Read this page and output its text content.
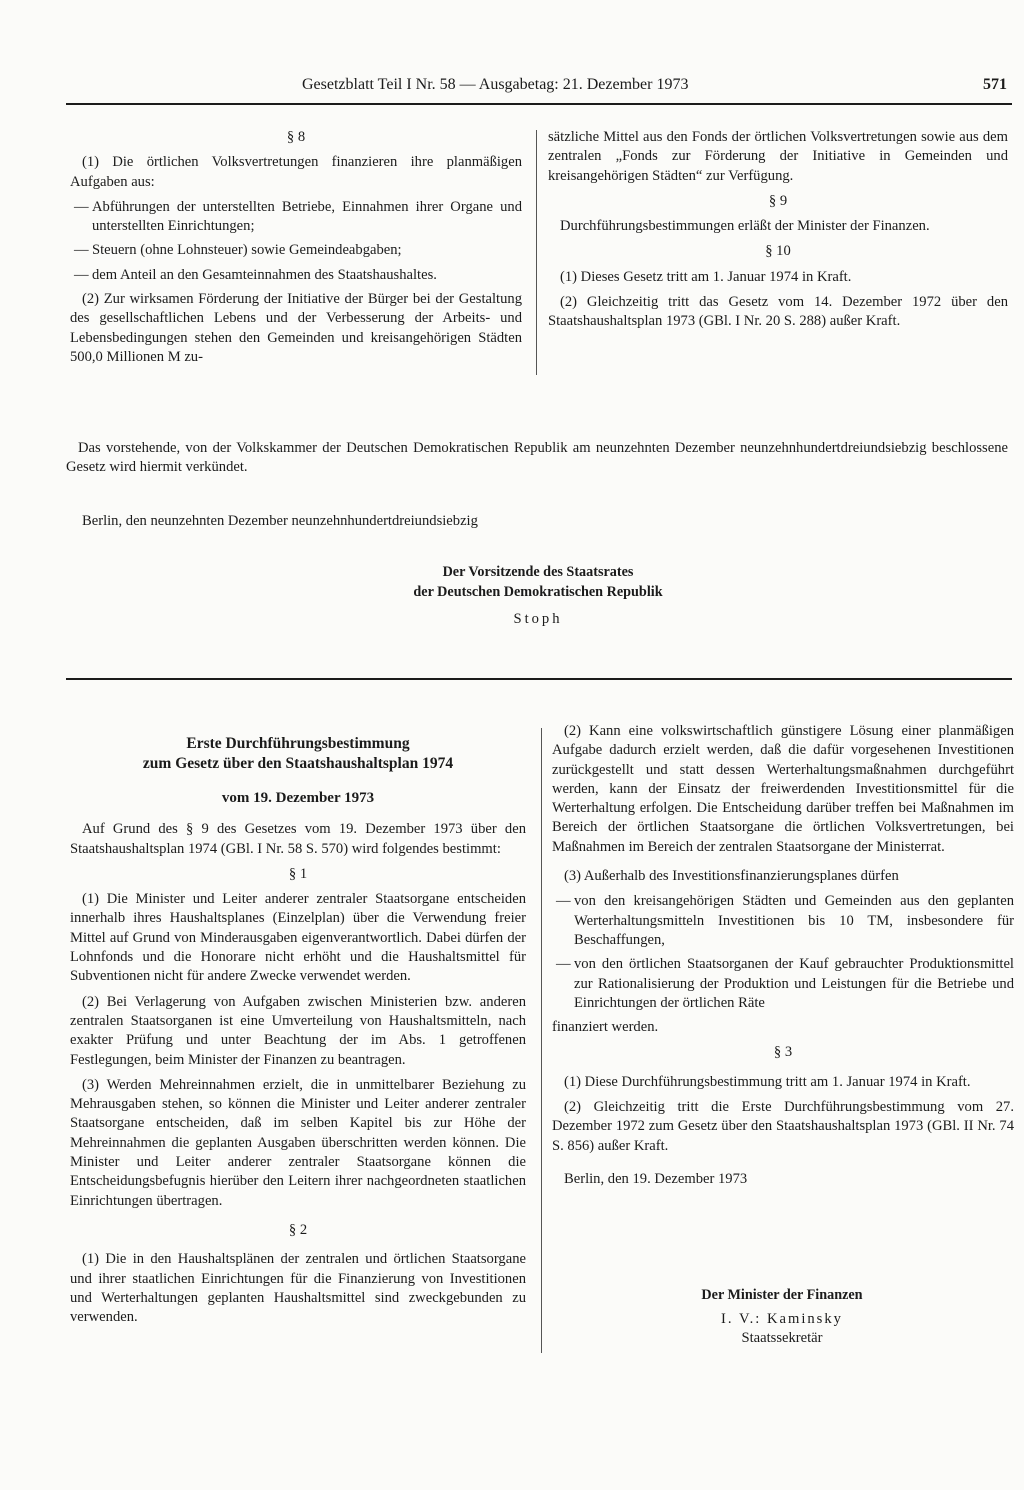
Gesetzblatt Teil I Nr. 58 — Ausgabetag: 21. Dezember 1973	571

§ 8

(1) Die örtlichen Volksvertretungen finanzieren ihre planmäßigen Aufgaben aus:

— Abführungen der unterstellten Betriebe, Einnahmen ihrer Organe und unterstellten Einrichtungen;
— Steuern (ohne Lohnsteuer) sowie Gemeindeabgaben;
— dem Anteil an den Gesamteinnahmen des Staatshaushaltes.

(2) Zur wirksamen Förderung der Initiative der Bürger bei der Gestaltung des gesellschaftlichen Lebens und der Verbesserung der Arbeits- und Lebensbedingungen stehen den Gemeinden und kreisangehörigen Städten 500,0 Millionen M zu-

sätzliche Mittel aus den Fonds der örtlichen Volksvertretungen sowie aus dem zentralen „Fonds zur Förderung der Initiative in Gemeinden und kreisangehörigen Städten“ zur Verfügung.

§ 9

Durchführungsbestimmungen erläßt der Minister der Finanzen.

§ 10

(1) Dieses Gesetz tritt am 1. Januar 1974 in Kraft.

(2) Gleichzeitig tritt das Gesetz vom 14. Dezember 1972 über den Staatshaushaltsplan 1973 (GBl. I Nr. 20 S. 288) außer Kraft.

Das vorstehende, von der Volkskammer der Deutschen Demokratischen Republik am neunzehnten Dezember neunzehnhundertdreiundsiebzig beschlossene Gesetz wird hiermit verkündet.

Berlin, den neunzehnten Dezember neunzehnhundertdreiundsiebzig
Der Vorsitzende des Staatsrates
der Deutschen Demokratischen Republik
Stoph
Erste Durchführungsbestimmung
zum Gesetz über den Staatshaushaltsplan 1974
vom 19. Dezember 1973

Auf Grund des § 9 des Gesetzes vom 19. Dezember 1973 über den Staatshaushaltsplan 1974 (GBl. I Nr. 58 S. 570) wird folgendes bestimmt:

§ 1

(1) Die Minister und Leiter anderer zentraler Staatsorgane entscheiden innerhalb ihres Haushaltsplanes (Einzelplan) über die Verwendung freier Mittel auf Grund von Minderausgaben eigenverantwortlich. Dabei dürfen der Lohnfonds und die Honorare nicht erhöht und die Haushaltsmittel für Subventionen nicht für andere Zwecke verwendet werden.

(2) Bei Verlagerung von Aufgaben zwischen Ministerien bzw. anderen zentralen Staatsorganen ist eine Umverteilung von Haushaltsmitteln, nach exakter Prüfung und unter Beachtung der im Abs. 1 getroffenen Festlegungen, beim Minister der Finanzen zu beantragen.

(3) Werden Mehreinnahmen erzielt, die in unmittelbarer Beziehung zu Mehrausgaben stehen, so können die Minister und Leiter anderer zentraler Staatsorgane entscheiden, daß im selben Kapitel bis zur Höhe der Mehreinnahmen die geplanten Ausgaben überschritten werden können. Die Minister und Leiter anderer zentraler Staatsorgane können die Entscheidungsbefugnis hierüber den Leitern ihrer nachgeordneten staatlichen Einrichtungen übertragen.

§ 2

(1) Die in den Haushaltsplänen der zentralen und örtlichen Staatsorgane und ihrer staatlichen Einrichtungen für die Finanzierung von Investitionen und Werterhaltungen geplanten Haushaltsmittel sind zweckgebunden zu verwenden.

(2) Kann eine volkswirtschaftlich günstigere Lösung einer planmäßigen Aufgabe dadurch erzielt werden, daß die dafür vorgesehenen Investitionen zurückgestellt und statt dessen Werterhaltungsmaßnahmen durchgeführt werden, kann der Einsatz der freiwerdenden Investitionsmittel für die Werterhaltung erfolgen. Die Entscheidung darüber treffen bei Maßnahmen im Bereich der örtlichen Staatsorgane die örtlichen Volksvertretungen, bei Maßnahmen im Bereich der zentralen Staatsorgane der Ministerrat.

(3) Außerhalb des Investitionsfinanzierungsplanes dürfen

— von den kreisangehörigen Städten und Gemeinden aus den geplanten Werterhaltungsmitteln Investitionen bis 10 TM, insbesondere für Beschaffungen,
— von den örtlichen Staatsorganen der Kauf gebrauchter Produktionsmittel zur Rationalisierung der Produktion und Leistungen für die Betriebe und Einrichtungen der örtlichen Räte

finanziert werden.

§ 3

(1) Diese Durchführungsbestimmung tritt am 1. Januar 1974 in Kraft.

(2) Gleichzeitig tritt die Erste Durchführungsbestimmung vom 27. Dezember 1972 zum Gesetz über den Staatshaushaltsplan 1973 (GBl. II Nr. 74 S. 856) außer Kraft.

Berlin, den 19. Dezember 1973

Der Minister der Finanzen
I. V.: Kaminsky
Staatssekretär
